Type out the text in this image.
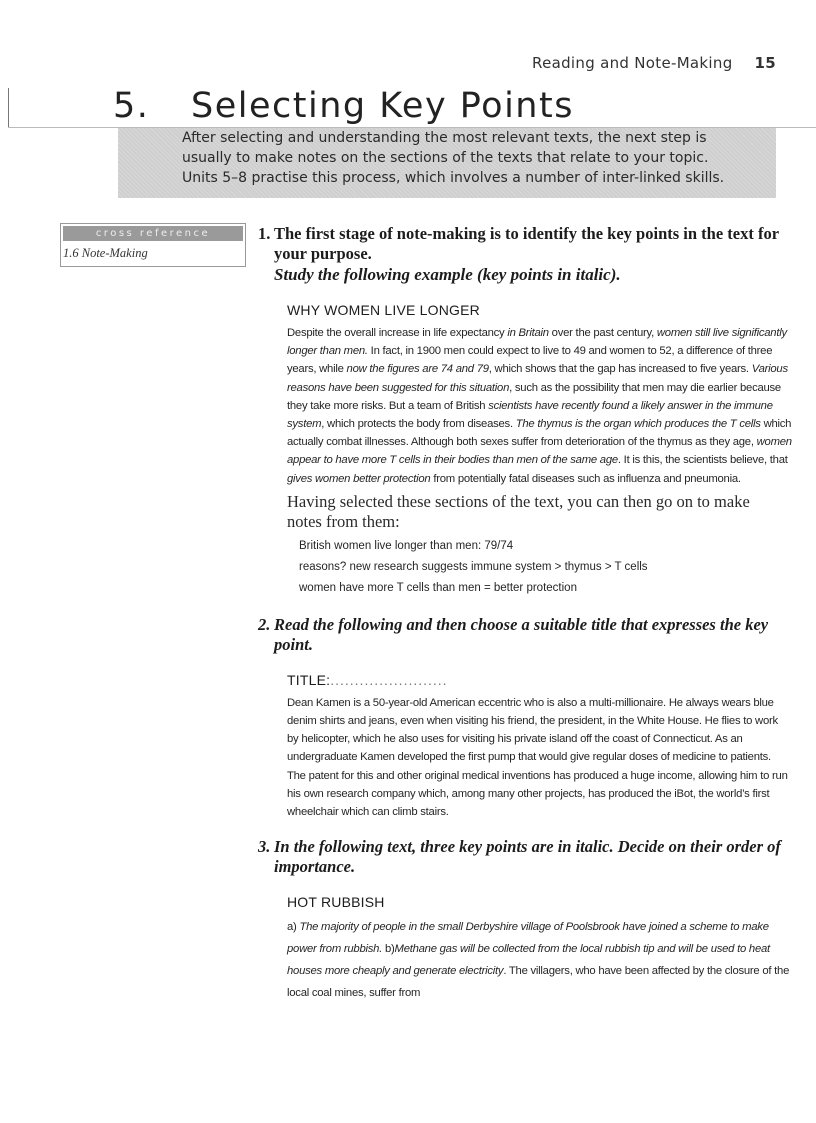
Reading and Note-Making 15
5. Selecting Key Points
After selecting and understanding the most relevant texts, the next step is
usually to make notes on the sections of the texts that relate to your topic.
Units 5–8 practise this process, which involves a number of inter-linked skills.
cross reference
1.6 Note-Making
1. The first stage of note-making is to identify the key points in the text for your purpose.
Study the following example (key points in italic).
WHY WOMEN LIVE LONGER
Despite the overall increase in life expectancy in Britain over the past century, women still live significantly longer than men. In fact, in 1900 men could expect to live to 49 and women to 52, a difference of three years, while now the figures are 74 and 79, which shows that the gap has increased to five years. Various reasons have been suggested for this situation, such as the possibility that men may die earlier because they take more risks. But a team of British scientists have recently found a likely answer in the immune system, which protects the body from diseases. The thymus is the organ which produces the T cells which actually combat illnesses. Although both sexes suffer from deterioration of the thymus as they age, women appear to have more T cells in their bodies than men of the same age. It is this, the scientists believe, that gives women better protection from potentially fatal diseases such as influenza and pneumonia.
Having selected these sections of the text, you can then go on to make notes from them:
British women live longer than men: 79/74
reasons? new research suggests immune system > thymus > T cells
women have more T cells than men = better protection
2. Read the following and then choose a suitable title that expresses the key point.
TITLE:........................
Dean Kamen is a 50-year-old American eccentric who is also a multi-millionaire. He always wears blue denim shirts and jeans, even when visiting his friend, the president, in the White House. He flies to work by helicopter, which he also uses for visiting his private island off the coast of Connecticut. As an undergraduate Kamen developed the first pump that would give regular doses of medicine to patients. The patent for this and other original medical inventions has produced a huge income, allowing him to run his own research company which, among many other projects, has produced the iBot, the world’s first wheelchair which can climb stairs.
3. In the following text, three key points are in italic. Decide on their order of importance.
HOT RUBBISH
a) The majority of people in the small Derbyshire village of Poolsbrook have joined a scheme to make power from rubbish. b)Methane gas will be collected from the local rubbish tip and will be used to heat houses more cheaply and generate electricity. The villagers, who have been affected by the closure of the local coal mines, suffer from
